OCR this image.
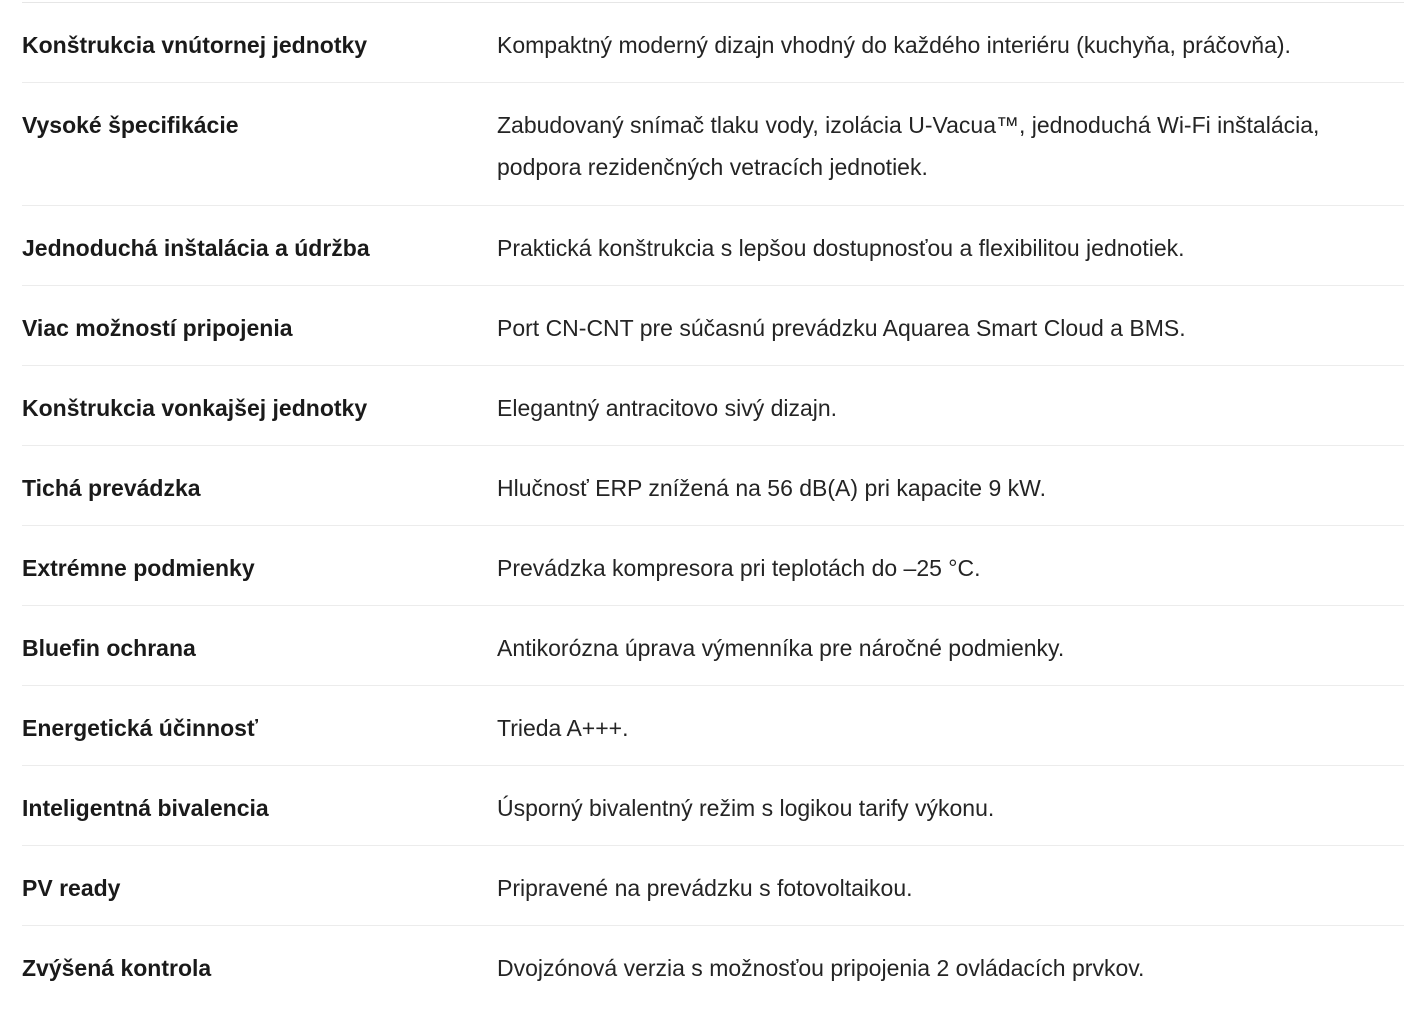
Konštrukcia vnútornej jednotky	Kompaktný moderný dizajn vhodný do každého interiéru (kuchyňa, práčovňa).
Vysoké špecifikácie	Zabudovaný snímač tlaku vody, izolácia U-Vacua™, jednoduchá Wi-Fi inštalácia, podpora rezidenčných vetracích jednotiek.
Jednoduchá inštalácia a údržba	Praktická konštrukcia s lepšou dostupnosťou a flexibilitou jednotiek.
Viac možností pripojenia	Port CN-CNT pre súčasnú prevádzku Aquarea Smart Cloud a BMS.
Konštrukcia vonkajšej jednotky	Elegantný antracitovo sivý dizajn.
Tichá prevádzka	Hlučnosť ERP znížená na 56 dB(A) pri kapacite 9 kW.
Extrémne podmienky	Prevádzka kompresora pri teplotách do –25 °C.
Bluefin ochrana	Antikorózna úprava výmenníka pre náročné podmienky.
Energetická účinnosť	Trieda A+++.
Inteligentná bivalencia	Úsporný bivalentný režim s logikou tarify výkonu.
PV ready	Pripravené na prevádzku s fotovoltaikou.
Zvýšená kontrola	Dvojzónová verzia s možnosťou pripojenia 2 ovládacích prvkov.
